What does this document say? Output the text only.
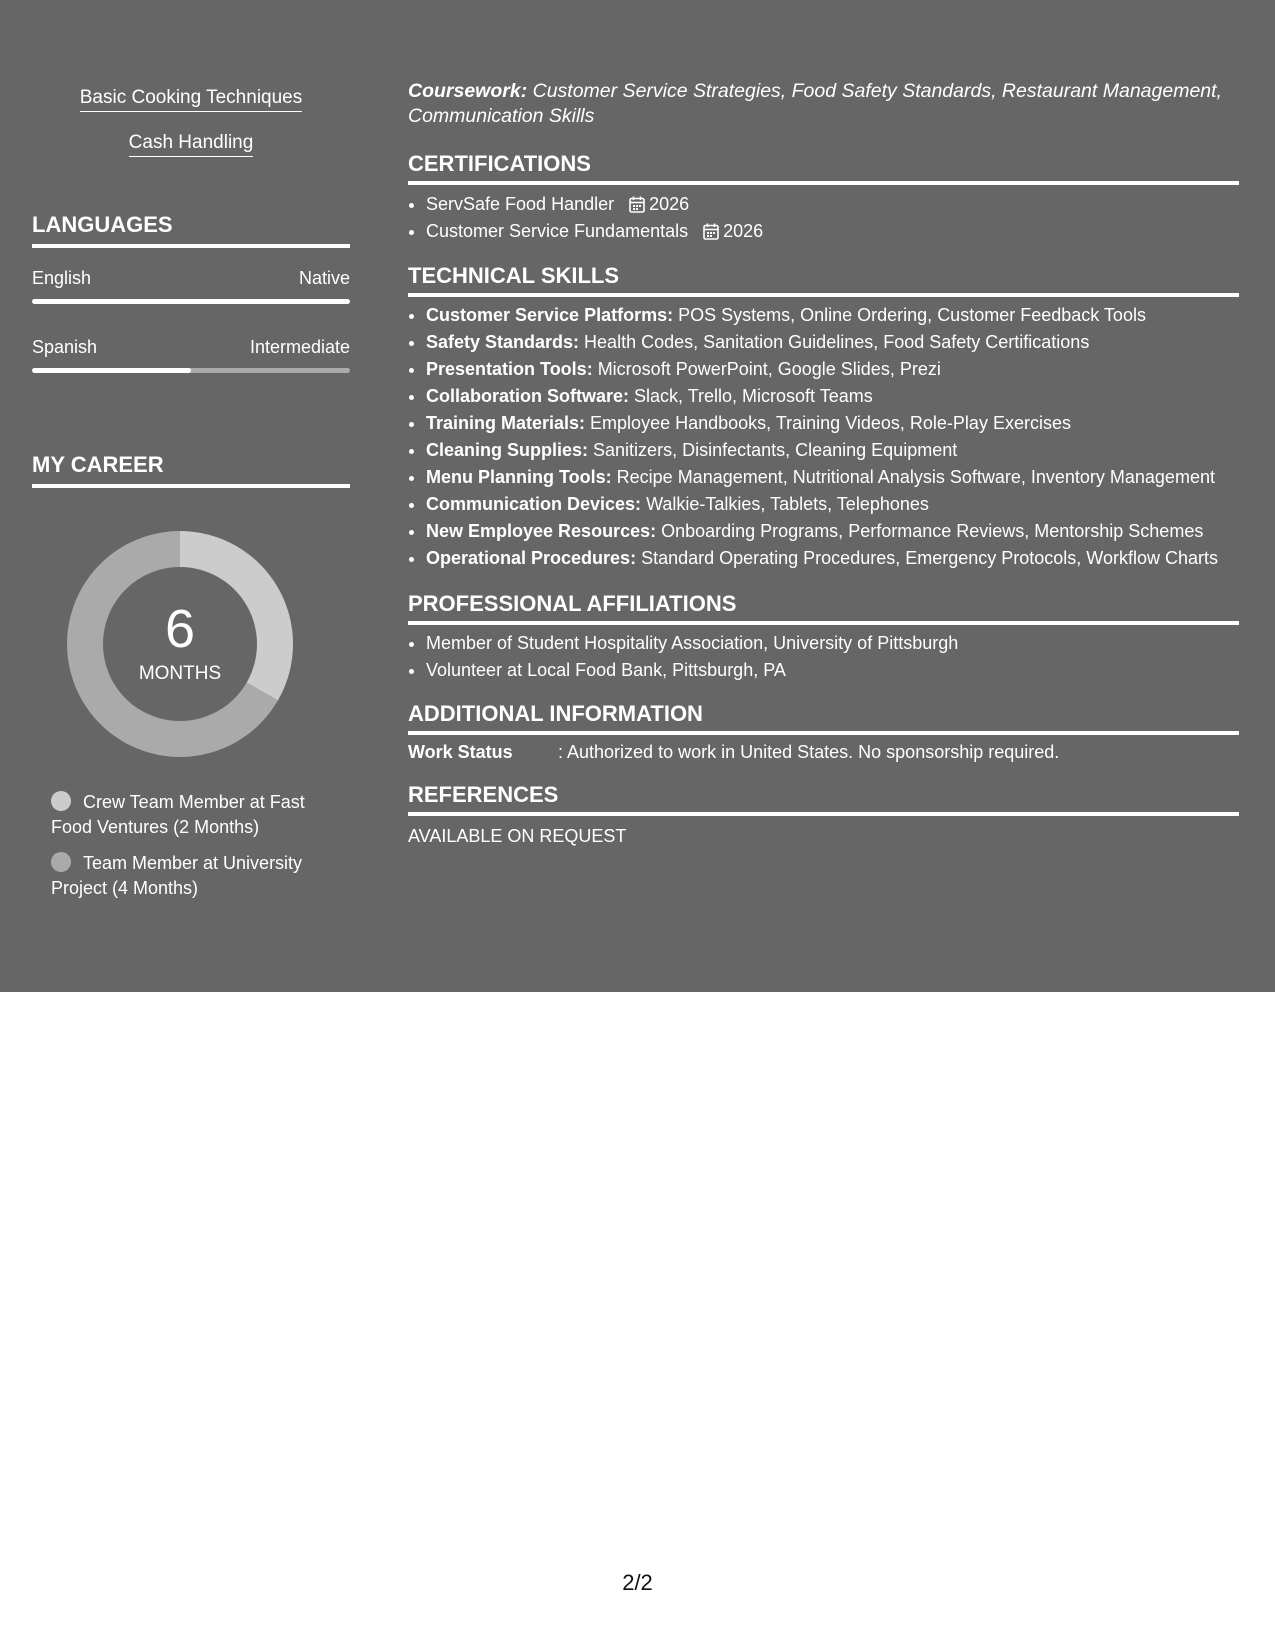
Basic Cooking Techniques
Cash Handling
LANGUAGES
English	Native
Spanish	Intermediate
MY CAREER
6
MONTHS
Crew Team Member at Fast Food Ventures (2 Months)
Team Member at University Project (4 Months)
Coursework: Customer Service Strategies, Food Safety Standards, Restaurant Management, Communication Skills
CERTIFICATIONS
• ServSafe Food Handler 2026
• Customer Service Fundamentals 2026
TECHNICAL SKILLS
• Customer Service Platforms: POS Systems, Online Ordering, Customer Feedback Tools
• Safety Standards: Health Codes, Sanitation Guidelines, Food Safety Certifications
• Presentation Tools: Microsoft PowerPoint, Google Slides, Prezi
• Collaboration Software: Slack, Trello, Microsoft Teams
• Training Materials: Employee Handbooks, Training Videos, Role-Play Exercises
• Cleaning Supplies: Sanitizers, Disinfectants, Cleaning Equipment
• Menu Planning Tools: Recipe Management, Nutritional Analysis Software, Inventory Management
• Communication Devices: Walkie-Talkies, Tablets, Telephones
• New Employee Resources: Onboarding Programs, Performance Reviews, Mentorship Schemes
• Operational Procedures: Standard Operating Procedures, Emergency Protocols, Workflow Charts
PROFESSIONAL AFFILIATIONS
• Member of Student Hospitality Association, University of Pittsburgh
• Volunteer at Local Food Bank, Pittsburgh, PA
ADDITIONAL INFORMATION
Work Status	: Authorized to work in United States. No sponsorship required.
REFERENCES
AVAILABLE ON REQUEST
2/2
